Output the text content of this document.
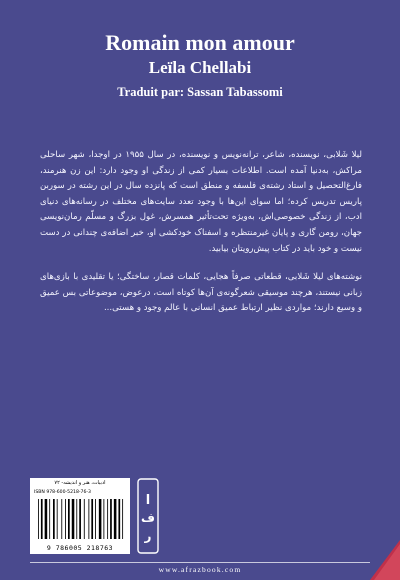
Romain mon amour
Leïla Chellabi
Traduit par: Sassan Tabassomi

لیلا شَلابی، نویسنده، شاعر، ترانه‌نویس و نویسنده، در سال ۱۹۵۵ در اوجدا، شهر ساحلی مراکش، به‌دنیا آمده است. اطلاعات بسیار کمی از زندگی او وجود دارد: این زن هنرمند، فارغ‌التحصیل و استاد رشته‌ی فلسفه و منطق است که پانزده سال در این رشته در سوربن پاریس تدریس کرده؛ اما سوای این‌ها با وجود تعدد سایت‌های مختلف در رسانه‌های دنیای ادب، از زندگی خصوصی‌اش، به‌ویژه تحت‌تأثیر همسرش، غول بزرگ و مسلّم رمان‌نویسی جهان، رومن گاری و پایان غیرمنتظره و اسفناک خودکشی او، خبر اضافه‌ی چندانی در دست نیست و خود باید در کتاب پیش‌رویتان بیابید.

نوشته‌های لیلا شَلابی، قطعاتی صرفاً هجایی، کلمات قصار، ساختگی؛ یا تقلیدی با بازی‌های زبانی نیستند، هرچند موسیقی شعرگونه‌ی آن‌ها کوتاه است، درعوض، موضوعاتی بس عمیق و وسیع دارند؛ مواردی نظیر ارتباط عمیق انسانی با عالم وجود و هستی...

ادبیات، هنر و اندیشه- ۷۲
ISBN 978-600-5218-76-3
9 786005 218763
ا
ف
ر
www.afrazbook.com
